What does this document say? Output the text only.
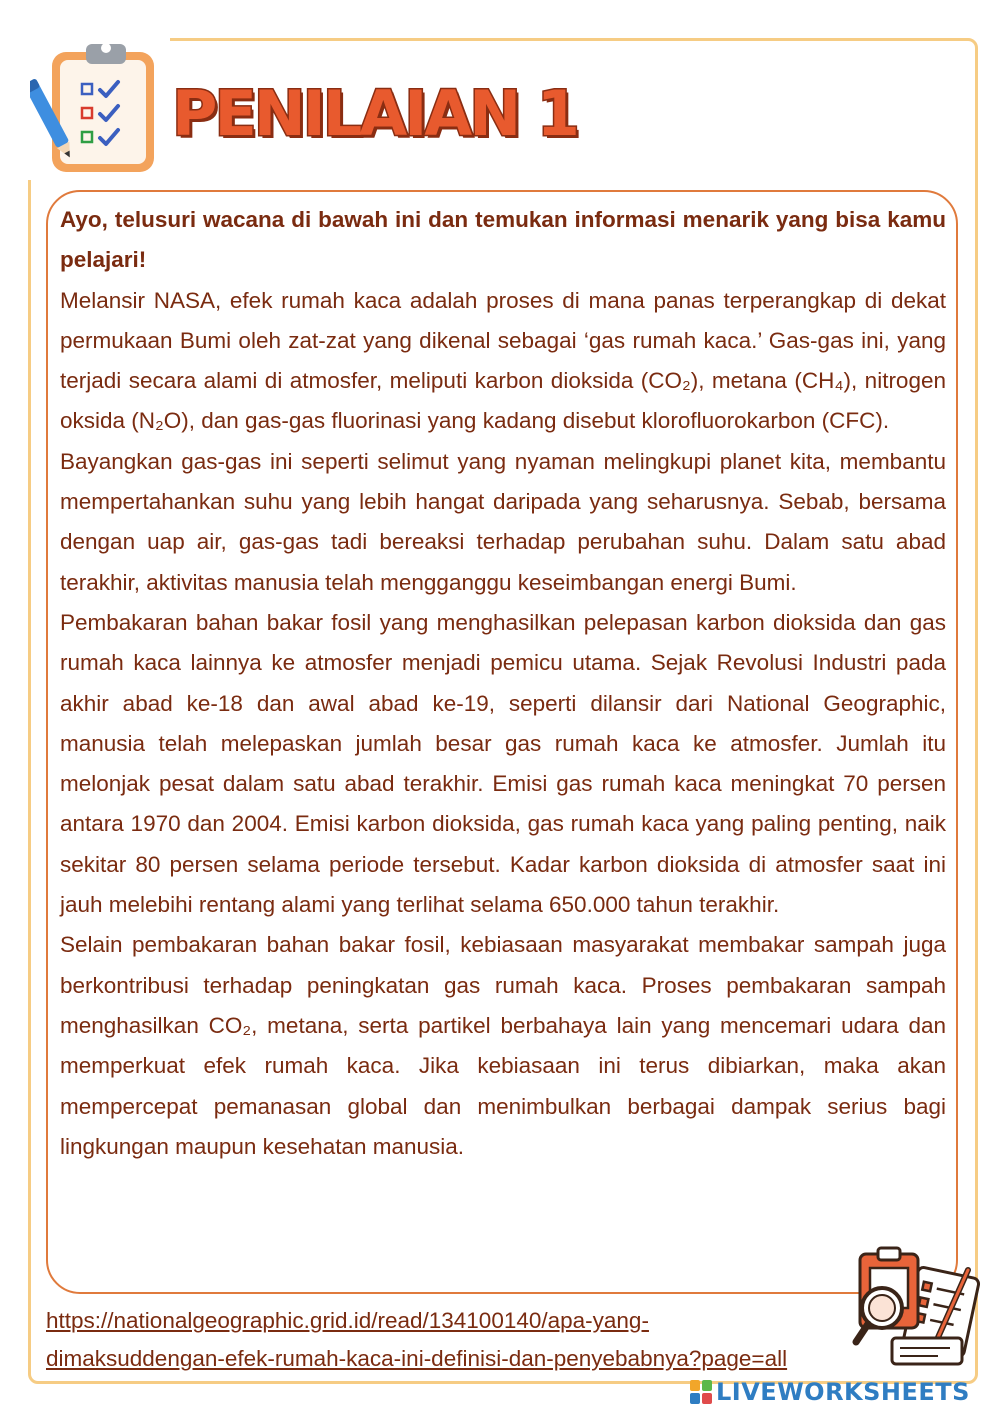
PENILAIAN 1

Ayo, telusuri wacana di bawah ini dan temukan informasi menarik yang bisa kamu pelajari!

Melansir NASA, efek rumah kaca adalah proses di mana panas terperangkap di dekat permukaan Bumi oleh zat-zat yang dikenal sebagai ‘gas rumah kaca.’ Gas-gas ini, yang terjadi secara alami di atmosfer, meliputi karbon dioksida (CO₂), metana (CH₄), nitrogen oksida (N₂O), dan gas-gas fluorinasi yang kadang disebut klorofluorokarbon (CFC).

Bayangkan gas-gas ini seperti selimut yang nyaman melingkupi planet kita, membantu mempertahankan suhu yang lebih hangat daripada yang seharusnya. Sebab, bersama dengan uap air, gas-gas tadi bereaksi terhadap perubahan suhu. Dalam satu abad terakhir, aktivitas manusia telah mengganggu keseimbangan energi Bumi.

Pembakaran bahan bakar fosil yang menghasilkan pelepasan karbon dioksida dan gas rumah kaca lainnya ke atmosfer menjadi pemicu utama. Sejak Revolusi Industri pada akhir abad ke-18 dan awal abad ke-19, seperti dilansir dari National Geographic, manusia telah melepaskan jumlah besar gas rumah kaca ke atmosfer. Jumlah itu melonjak pesat dalam satu abad terakhir. Emisi gas rumah kaca meningkat 70 persen antara 1970 dan 2004. Emisi karbon dioksida, gas rumah kaca yang paling penting, naik sekitar 80 persen selama periode tersebut. Kadar karbon dioksida di atmosfer saat ini jauh melebihi rentang alami yang terlihat selama 650.000 tahun terakhir.

Selain pembakaran bahan bakar fosil, kebiasaan masyarakat membakar sampah juga berkontribusi terhadap peningkatan gas rumah kaca. Proses pembakaran sampah menghasilkan CO₂, metana, serta partikel berbahaya lain yang mencemari udara dan memperkuat efek rumah kaca. Jika kebiasaan ini terus dibiarkan, maka akan mempercepat pemanasan global dan menimbulkan berbagai dampak serius bagi lingkungan maupun kesehatan manusia.

https://nationalgeographic.grid.id/read/134100140/apa-yang-
dimaksuddengan-efek-rumah-kaca-ini-definisi-dan-penyebabnya?page=all
LIVEWORKSHEETS
